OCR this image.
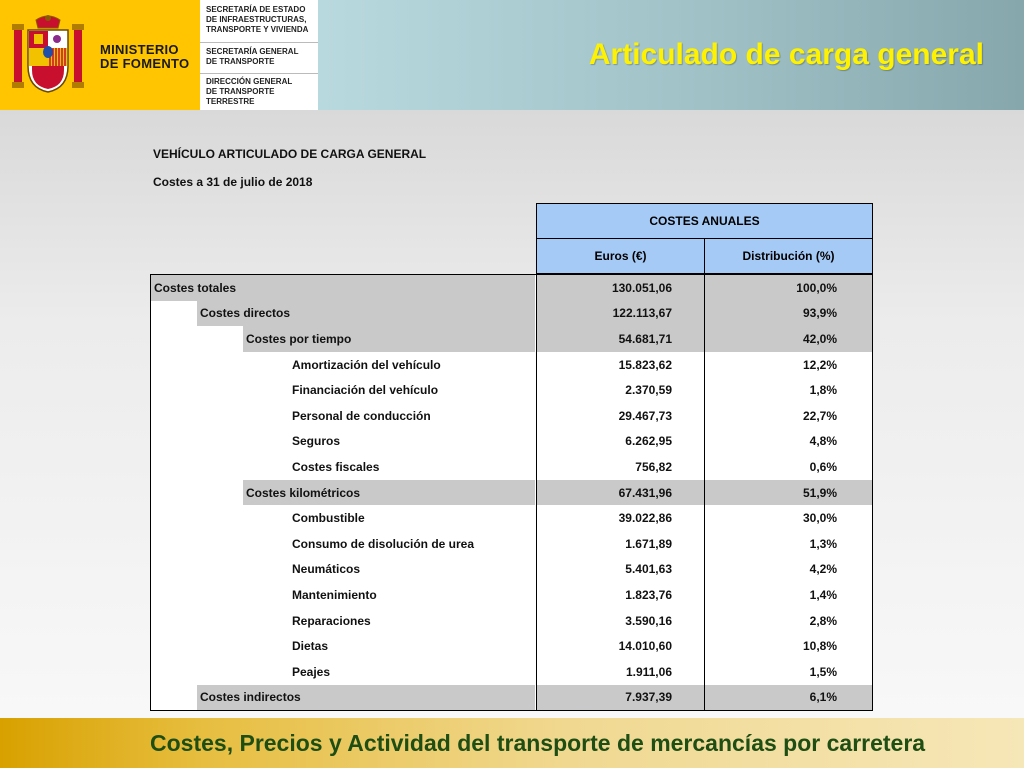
MINISTERIO
DE FOMENTO
SECRETARÍA DE ESTADO
DE INFRAESTRUCTURAS,
TRANSPORTE Y VIVIENDA
SECRETARÍA GENERAL
DE TRANSPORTE
DIRECCIÓN GENERAL
DE TRANSPORTE
TERRESTRE
Articulado de carga general
VEHÍCULO ARTICULADO DE CARGA GENERAL
Costes a 31 de julio de 2018
COSTES ANUALES
Euros (€)	Distribución (%)
Costes totales	130.051,06	100,0%
Costes directos	122.113,67	93,9%
Costes por tiempo	54.681,71	42,0%
Amortización del vehículo	15.823,62	12,2%
Financiación del vehículo	2.370,59	1,8%
Personal de conducción	29.467,73	22,7%
Seguros	6.262,95	4,8%
Costes fiscales	756,82	0,6%
Costes kilométricos	67.431,96	51,9%
Combustible	39.022,86	30,0%
Consumo de disolución de urea	1.671,89	1,3%
Neumáticos	5.401,63	4,2%
Mantenimiento	1.823,76	1,4%
Reparaciones	3.590,16	2,8%
Dietas	14.010,60	10,8%
Peajes	1.911,06	1,5%
Costes indirectos	7.937,39	6,1%
Costes, Precios y Actividad del transporte de mercancías por carretera
